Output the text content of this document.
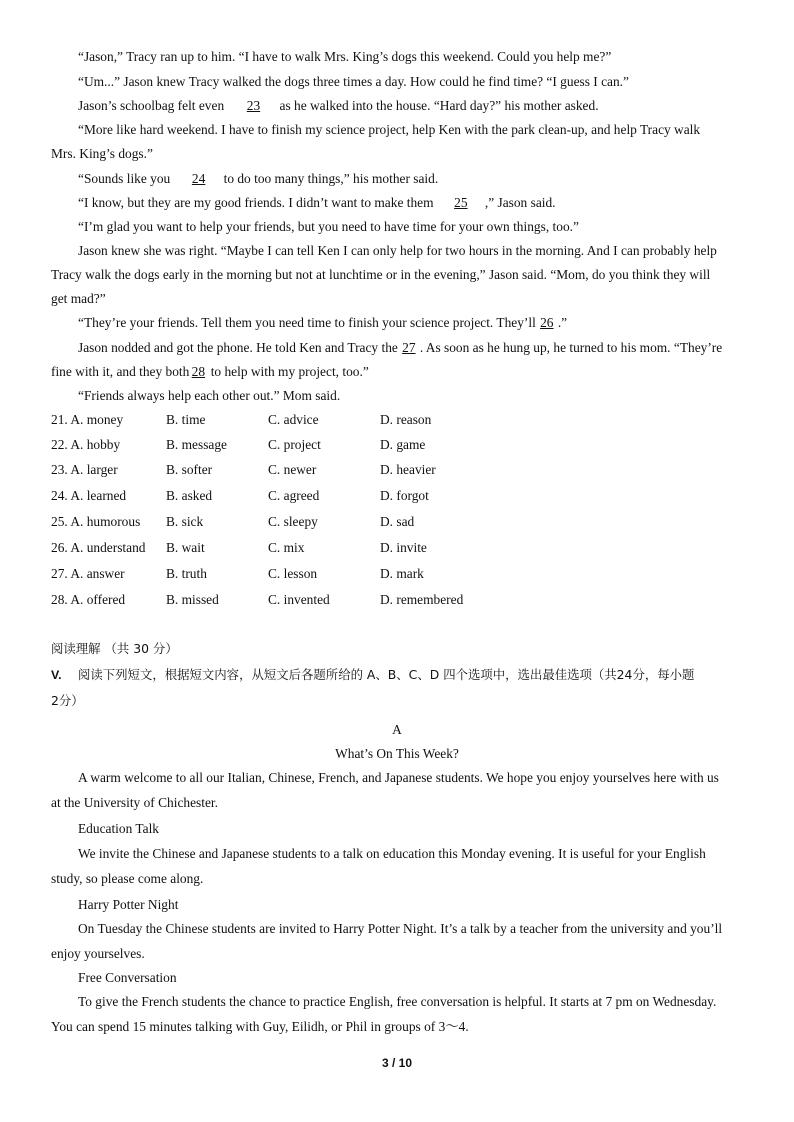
“Jason,” Tracy ran up to him. “I have to walk Mrs. King’s dogs this weekend. Could you help me?”
“Um...” Jason knew Tracy walked the dogs three times a day. How could he find time? “I guess I can.”
Jason’s schoolbag felt even 23 as he walked into the house. “Hard day?” his mother asked.
“More like hard weekend. I have to finish my science project, help Ken with the park clean-up, and help Tracy walk
Mrs. King’s dogs.”
“Sounds like you 24 to do too many things,” his mother said.
“I know, but they are my good friends. I didn’t want to make them 25 ,” Jason said.
“I’m glad you want to help your friends, but you need to have time for your own things, too.”
Jason knew she was right. “Maybe I can tell Ken I can only help for two hours in the morning. And I can probably help
Tracy walk the dogs early in the morning but not at lunchtime or in the evening,” Jason said. “Mom, do you think they will
get mad?”
“They’re your friends. Tell them you need time to finish your science project. They’ll 26 .”
Jason nodded and got the phone. He told Ken and Tracy the 27 . As soon as he hung up, he turned to his mom. “They’re
fine with it, and they both 28 to help with my project, too.”
“Friends always help each other out.” Mom said.
21. A. money	B. time	C. advice	D. reason
22. A. hobby	B. message	C. project	D. game
23. A. larger	B. softer	C. newer	D. heavier
24. A. learned	B. asked	C. agreed	D. forgot
25. A. humorous B. sick	C. sleepy	D. sad
26. A. understand B. wait	C. mix	D. invite
27. A. answer	B. truth	C. lesson	D. mark
28. A. offered	B. missed	C. invented	D. remembered
阅读理解 （共 30 分）
V. 阅读下列短文，根据短文内容，从短文后各题所给的 A、B、C、D 四个选项中，选出最佳选项（共24分，每小题
2分）
A
What’s On This Week?
A warm welcome to all our Italian, Chinese, French, and Japanese students. We hope you enjoy yourselves here with us
at the University of Chichester.
Education Talk
We invite the Chinese and Japanese students to a talk on education this Monday evening. It is useful for your English
study, so please come along.
Harry Potter Night
On Tuesday the Chinese students are invited to Harry Potter Night. It’s a talk by a teacher from the university and you’ll
enjoy yourselves.
Free Conversation
To give the French students the chance to practice English, free conversation is helpful. It starts at 7 pm on Wednesday.
You can spend 15 minutes talking with Guy, Eilidh, or Phil in groups of 3～4.
3 / 10
